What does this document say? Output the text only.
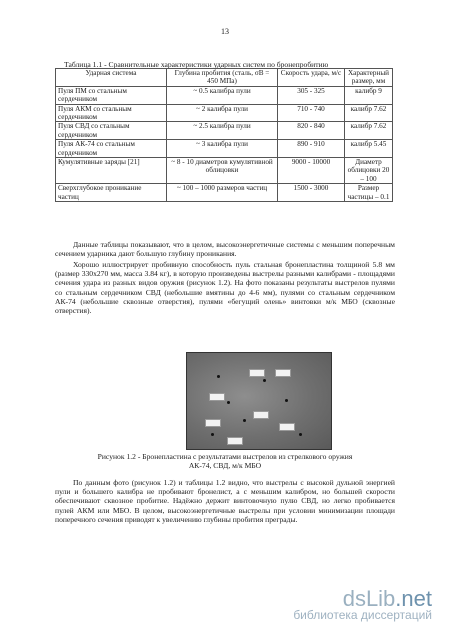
13
Таблица 1.1 - Сравнительные характеристики ударных систем по бронепробитию
Ударная система	Глубина пробития (сталь, σB = 450 МПа)	Скорость удара, м/с	Характерный размер, мм
Пуля ПМ со стальным сердечником	~ 0.5 калибра пули	305 - 325	калибр 9
Пуля АКМ со стальным сердечником	~ 2 калибра пули	710 - 740	калибр 7.62
Пуля СВД со стальным сердечником	~ 2.5 калибра пули	820 - 840	калибр 7.62
Пуля АК-74 со стальным сердечником	~ 3 калибра пули	890 - 910	калибр 5.45
Кумулятивные заряды [21]	~ 8 - 10 диаметров кумулятивной облицовки	9000 - 10000	Диаметр облицовки 20 – 100
Сверхглубокое проникание частиц	~ 100 – 1000 размеров частиц	1500 - 3000	Размер частицы – 0.1

Данные таблицы показывают, что в целом, высокоэнергетичные системы с меньшим поперечным сечением ударника дают большую глубину проникания.

Хорошо иллюстрирует пробивную способность пуль стальная бронепластина толщиной 5.8 мм (размер 330х270 мм, масса 3.84 кг), в которую произведены выстрелы разными калибрами - площадями сечения удара из разных видов оружия (рисунок 1.2). На фото показаны результаты выстрелов пулями со стальным сердечником СВД (небольшие вмятины до 4-6 мм), пулями со стальным сердечником АК-74 (небольшие сквозные отверстия), пулями «бегущий олень» винтовки м/к МБО (сквозные отверстия).

Рисунок 1.2 - Бронепластина с результатами выстрелов из стрелкового оружия
АК-74, СВД, м/к МБО

По данным фото (рисунок 1.2) и таблицы 1.2 видно, что выстрелы с высокой дульной энергией пули и большего калибра не пробивают бронелист, а с меньшим калибром, но большей скорости обеспечивают сквозное пробитие. Надёжно держит винтовочную пулю СВД, но легко пробивается пулей АКМ или МБО. В целом, высокоэнергетичные выстрелы при условии минимизации площади поперечного сечения приводят к увеличению глубины пробития преграды.

dsLib.net
библиотека диссертаций
